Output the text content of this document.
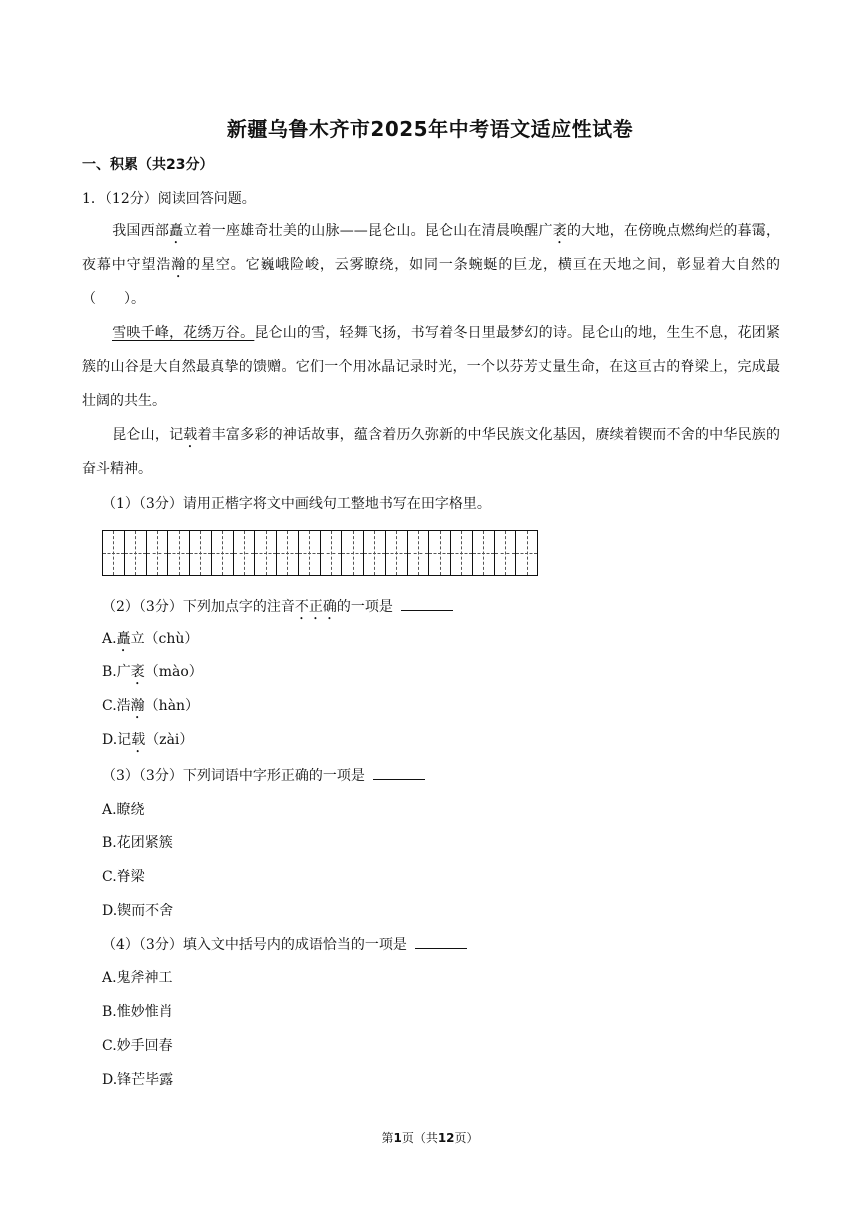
新疆乌鲁木齐市2025年中考语文适应性试卷
一、积累（共23分）
1．（12分）阅读回答问题。
我国西部矗立着一座雄奇壮美的山脉——昆仑山。昆仑山在清晨唤醒广袤的大地，在傍晚点燃绚烂的暮霭，夜幕中守望浩瀚的星空。它巍峨险峻，云雾瞭绕，如同一条蜿蜒的巨龙，横亘在天地之间，彰显着大自然的（　　）。
雪映千峰，花绣万谷。昆仑山的雪，轻舞飞扬，书写着冬日里最梦幻的诗。昆仑山的地，生生不息，花团紧簇的山谷是大自然最真挚的馈赠。它们一个用冰晶记录时光，一个以芬芳丈量生命，在这亘古的脊梁上，完成最壮阔的共生。
昆仑山，记载着丰富多彩的神话故事，蕴含着历久弥新的中华民族文化基因，赓续着锲而不舍的中华民族的奋斗精神。
（1）（3分）请用正楷字将文中画线句工整地书写在田字格里。
（2）（3分）下列加点字的注音不正确的一项是
A.矗立（chù）
B.广袤（mào）
C.浩瀚（hàn）
D.记载（zài）
（3）（3分）下列词语中字形正确的一项是
A.瞭绕
B.花团紧簇
C.脊梁
D.锲而不舍
（4）（3分）填入文中括号内的成语恰当的一项是
A.鬼斧神工
B.惟妙惟肖
C.妙手回春
D.锋芒毕露
第1页（共12页）
